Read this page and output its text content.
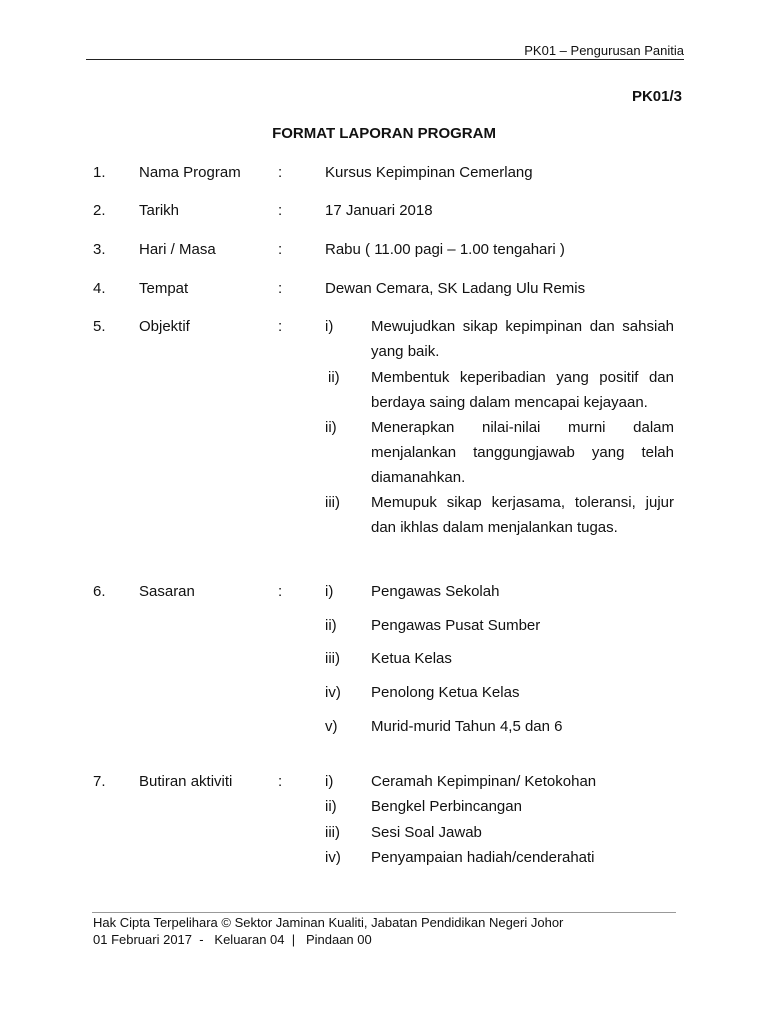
PK01 – Pengurusan Panitia
PK01/3
FORMAT LAPORAN PROGRAM
1. Nama Program :	Kursus Kepimpinan Cemerlang
2. Tarikh	:	17 Januari 2018
3. Hari / Masa	:	Rabu ( 11.00 pagi – 1.00 tengahari )
4. Tempat	:	Dewan Cemara, SK Ladang Ulu Remis
5. Objektif	:	i)	Mewujudkan sikap kepimpinan dan sahsiah yang baik.
ii) Membentuk keperibadian yang positif dan berdaya saing dalam mencapai kejayaan.
ii) Menerapkan nilai-nilai murni dalam menjalankan tanggungjawab yang telah diamanahkan.
iii) Memupuk sikap kerjasama, toleransi, jujur dan ikhlas dalam menjalankan tugas.
6. Sasaran	:	i)	Pengawas Sekolah
ii) Pengawas Pusat Sumber
iii) Ketua Kelas
iv) Penolong Ketua Kelas
v) Murid-murid Tahun 4,5 dan 6
7. Butiran aktiviti	:	i)	Ceramah Kepimpinan/ Ketokohan
ii) Bengkel Perbincangan
iii) Sesi Soal Jawab
iv) Penyampaian hadiah/cenderahati
Hak Cipta Terpelihara © Sektor Jaminan Kualiti, Jabatan Pendidikan Negeri Johor
01 Februari 2017  -   Keluaran 04  |   Pindaan 00
